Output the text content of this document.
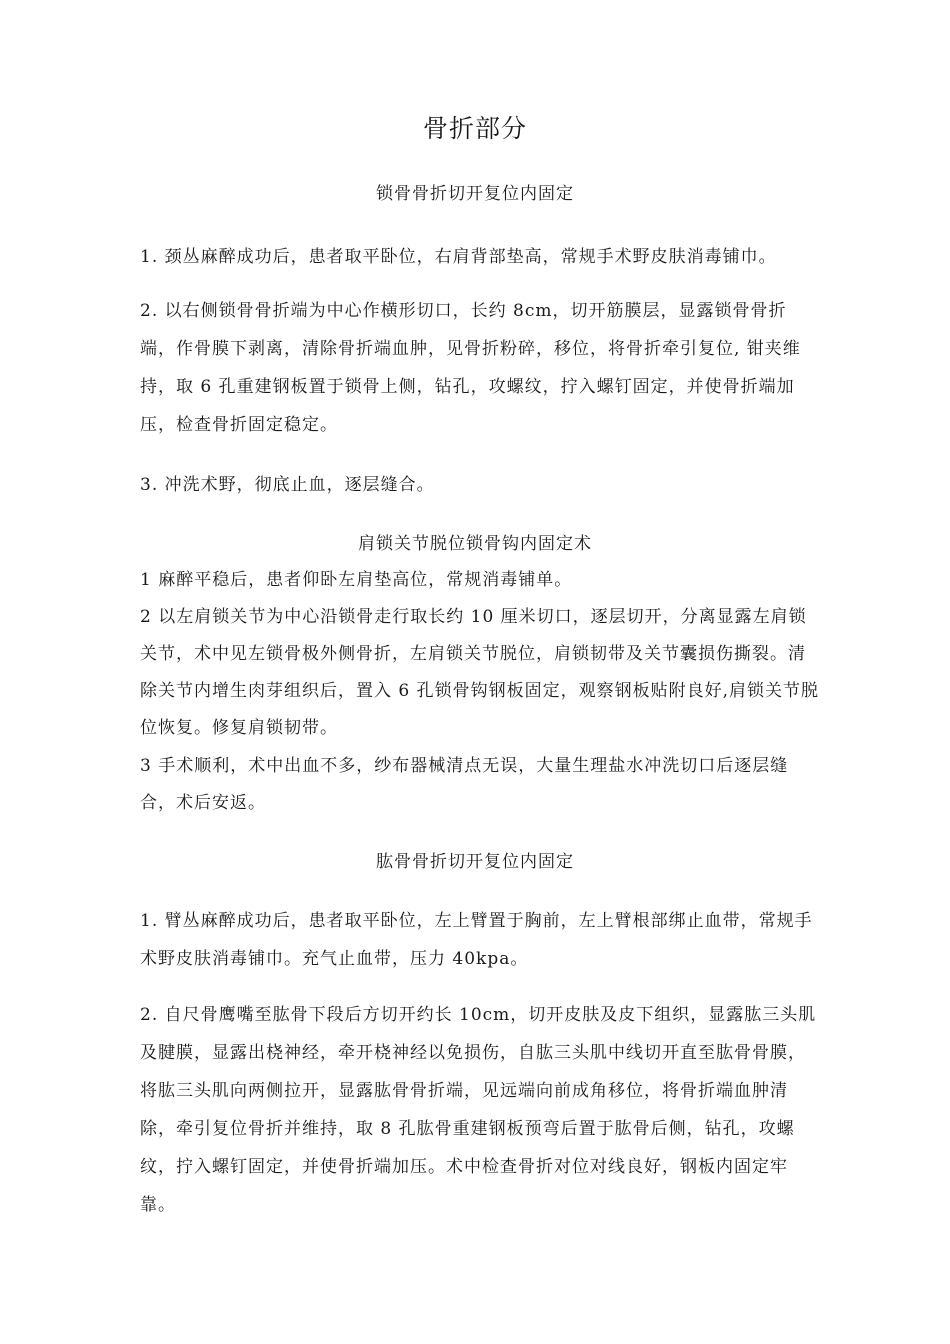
骨折部分
锁骨骨折切开复位内固定

1. 颈丛麻醉成功后，患者取平卧位，右肩背部垫高，常规手术野皮肤消毒铺巾。

2. 以右侧锁骨骨折端为中心作横形切口，长约 8cm，切开筋膜层，显露锁骨骨折端，作骨膜下剥离，清除骨折端血肿，见骨折粉碎，移位，将骨折牵引复位, 钳夹维持，取 6 孔重建钢板置于锁骨上侧，钻孔，攻螺纹，拧入螺钉固定，并使骨折端加压，检查骨折固定稳定。

3. 冲洗术野，彻底止血，逐层缝合。

肩锁关节脱位锁骨钩内固定术

1 麻醉平稳后，患者仰卧左肩垫高位，常规消毒铺单。

2 以左肩锁关节为中心沿锁骨走行取长约 10 厘米切口，逐层切开，分离显露左肩锁关节，术中见左锁骨极外侧骨折，左肩锁关节脱位，肩锁韧带及关节囊损伤撕裂。清除关节内增生肉芽组织后，置入 6 孔锁骨钩钢板固定，观察钢板贴附良好,肩锁关节脱位恢复。修复肩锁韧带。

3 手术顺利，术中出血不多，纱布器械清点无误，大量生理盐水冲洗切口后逐层缝合，术后安返。

肱骨骨折切开复位内固定

1. 臂丛麻醉成功后，患者取平卧位，左上臂置于胸前，左上臂根部绑止血带，常规手术野皮肤消毒铺巾。充气止血带，压力 40kpa。

2. 自尺骨鹰嘴至肱骨下段后方切开约长 10cm，切开皮肤及皮下组织，显露肱三头肌及腱膜，显露出桡神经，牵开桡神经以免损伤，自肱三头肌中线切开直至肱骨骨膜，将肱三头肌向两侧拉开，显露肱骨骨折端，见远端向前成角移位，将骨折端血肿清除，牵引复位骨折并维持，取 8 孔肱骨重建钢板预弯后置于肱骨后侧，钻孔，攻螺纹，拧入螺钉固定，并使骨折端加压。术中检查骨折对位对线良好，钢板内固定牢靠。
